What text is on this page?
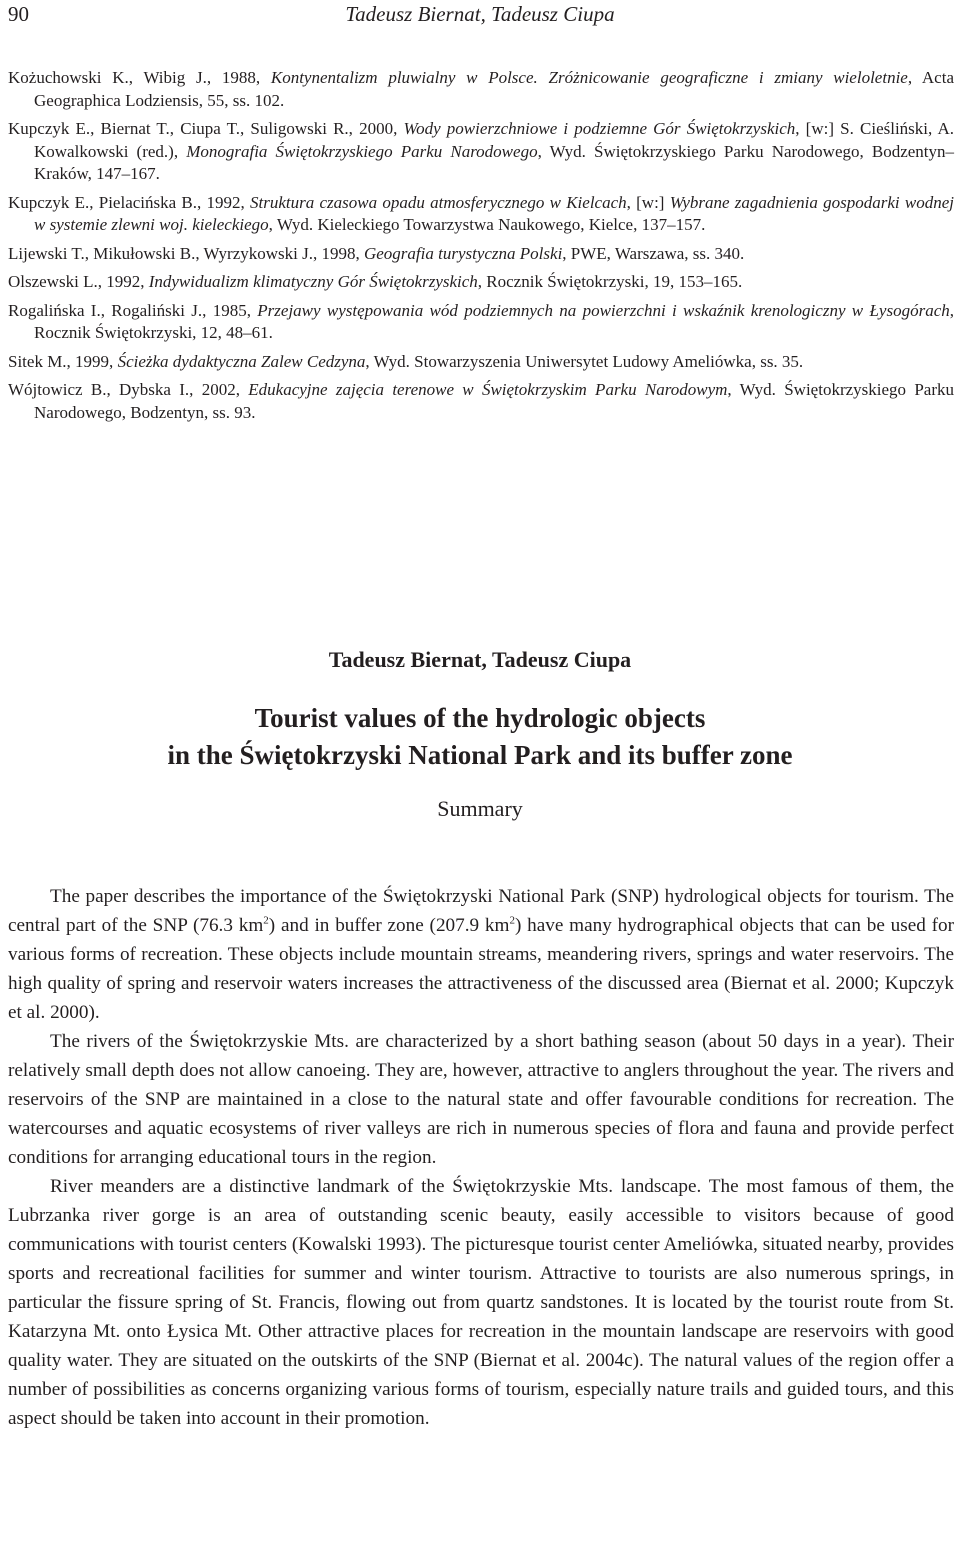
90	Tadeusz Biernat, Tadeusz Ciupa

Kożuchowski K., Wibig J., 1988, Kontynentalizm pluwialny w Polsce. Zróżnicowanie geograficzne i zmiany wieloletnie, Acta Geographica Lodziensis, 55, ss. 102.

Kupczyk E., Biernat T., Ciupa T., Suligowski R., 2000, Wody powierzchniowe i podziemne Gór Świętokrzyskich, [w:] S. Cieśliński, A. Kowalkowski (red.), Monografia Świętokrzyskiego Parku Narodowego, Wyd. Świętokrzyskiego Parku Narodowego, Bodzentyn–Kraków, 147–167.

Kupczyk E., Pielacińska B., 1992, Struktura czasowa opadu atmosferycznego w Kielcach, [w:] Wybrane zagadnienia gospodarki wodnej w systemie zlewni woj. kieleckiego, Wyd. Kieleckiego Towarzystwa Naukowego, Kielce, 137–157.

Lijewski T., Mikułowski B., Wyrzykowski J., 1998, Geografia turystyczna Polski, PWE, Warszawa, ss. 340.

Olszewski L., 1992, Indywidualizm klimatyczny Gór Świętokrzyskich, Rocznik Świętokrzyski, 19, 153–165.

Rogalińska I., Rogaliński J., 1985, Przejawy występowania wód podziemnych na powierzchni i wskaźnik krenologiczny w Łysogórach, Rocznik Świętokrzyski, 12, 48–61.

Sitek M., 1999, Ścieżka dydaktyczna Zalew Cedzyna, Wyd. Stowarzyszenia Uniwersytet Ludowy Ameliówka, ss. 35.

Wójtowicz B., Dybska I., 2002, Edukacyjne zajęcia terenowe w Świętokrzyskim Parku Narodowym, Wyd. Świętokrzyskiego Parku Narodowego, Bodzentyn, ss. 93.

Tadeusz Biernat, Tadeusz Ciupa
Tourist values of the hydrologic objects
in the Świętokrzyski National Park and its buffer zone
Summary

The paper describes the importance of the Świętokrzyski National Park (SNP) hydrological objects for tourism. The central part of the SNP (76.3 $km^2$) and in buffer zone (207.9 $km^2$) have many hydrographical objects that can be used for various forms of recreation. These objects include mountain streams, meandering rivers, springs and water reservoirs. The high quality of spring and reservoir waters increases the attractiveness of the discussed area (Biernat et al. 2000; Kupczyk et al. 2000).

The rivers of the Świętokrzyskie Mts. are characterized by a short bathing season (about 50 days in a year). Their relatively small depth does not allow canoeing. They are, however, attractive to anglers throughout the year. The rivers and reservoirs of the SNP are maintained in a close to the natural state and offer favourable conditions for recreation. The watercourses and aquatic ecosystems of river valleys are rich in numerous species of flora and fauna and provide perfect conditions for arranging educational tours in the region.

River meanders are a distinctive landmark of the Świętokrzyskie Mts. landscape. The most famous of them, the Lubrzanka river gorge is an area of outstanding scenic beauty, easily accessible to visitors because of good communications with tourist centers (Kowalski 1993). The picturesque tourist center Ameliówka, situated nearby, provides sports and recreational facilities for summer and winter tourism. Attractive to tourists are also numerous springs, in particular the fissure spring of St. Francis, flowing out from quartz sandstones. It is located by the tourist route from St. Katarzyna Mt. onto Łysica Mt. Other attractive places for recreation in the mountain landscape are reservoirs with good quality water. They are situated on the outskirts of the SNP (Biernat et al. 2004c). The natural values of the region offer a number of possibilities as concerns organizing various forms of tourism, especially nature trails and guided tours, and this aspect should be taken into account in their promotion.
